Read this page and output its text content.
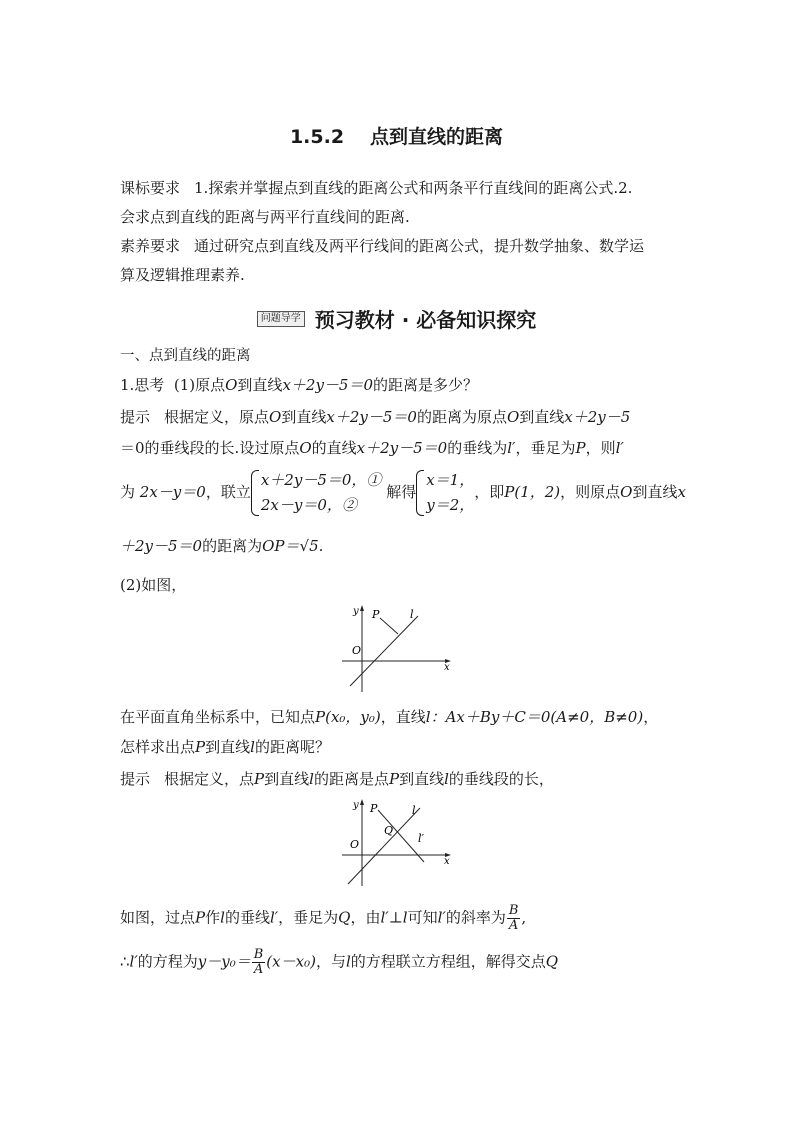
1.5.2 点到直线的距离
课标要求 1.探索并掌握点到直线的距离公式和两条平行直线间的距离公式.2.
会求点到直线的距离与两平行直线间的距离.
素养要求 通过研究点到直线及两平行线间的距离公式，提升数学抽象、数学运
算及逻辑推理素养.
问题导学 预习教材 · 必备知识探究
一、点到直线的距离
1.思考 (1)原点O到直线x＋2y－5＝0的距离是多少？
提示 根据定义，原点O到直线x＋2y－5＝0的距离为原点O到直线x＋2y－5
＝0的垂线段的长.设过原点O的直线x＋2y－5＝0的垂线为l′，垂足为P，则l′
为 2x－y＝0，联立
x＋2y－5＝0，①
2x－y＝0，②
解得
x＝1，
y＝2，
，即P(1，2)，则原点O到直线x
＋2y－5＝0的距离为OP＝√5.
(2)如图，
y P	l
O
x
在平面直角坐标系中，已知点P(x₀，y₀)，直线l：Ax＋By＋C＝0(A≠0，B≠0)，
怎样求出点P到直线l的距离呢？
提示 根据定义，点P到直线l的距离是点P到直线l的垂线段的长，
y P	l
Q
l′
O
x
如图，过点P作l的垂线l′，垂足为Q，由l′⊥l可知l′的斜率为 $\frac{B}{A}$ ,
∴l′的方程为$y-y_0= \frac{B}{A} (x-x_0)$，与l的方程联立方程组，解得交点Q
